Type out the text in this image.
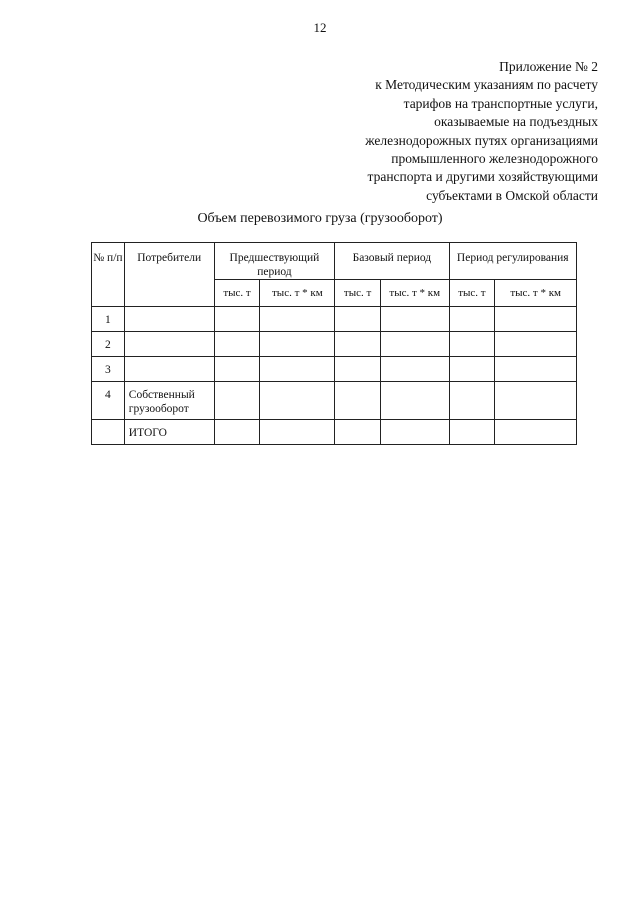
12
Приложение № 2
к Методическим указаниям по расчету
тарифов на транспортные услуги,
оказываемые на подъездных
железнодорожных путях организациями
промышленного железнодорожного
транспорта и другими хозяйствующими
субъектами в Омской области
Объем перевозимого груза (грузооборот)
№ п/п	Потребители	Предшествующий период		Базовый период		Период регулирования	
		тыс. т	тыс. т * км	тыс. т	тыс. т * км	тыс. т	тыс. т * км
1							
2							
3							
4	Собственный грузооборот						
	ИТОГО						
